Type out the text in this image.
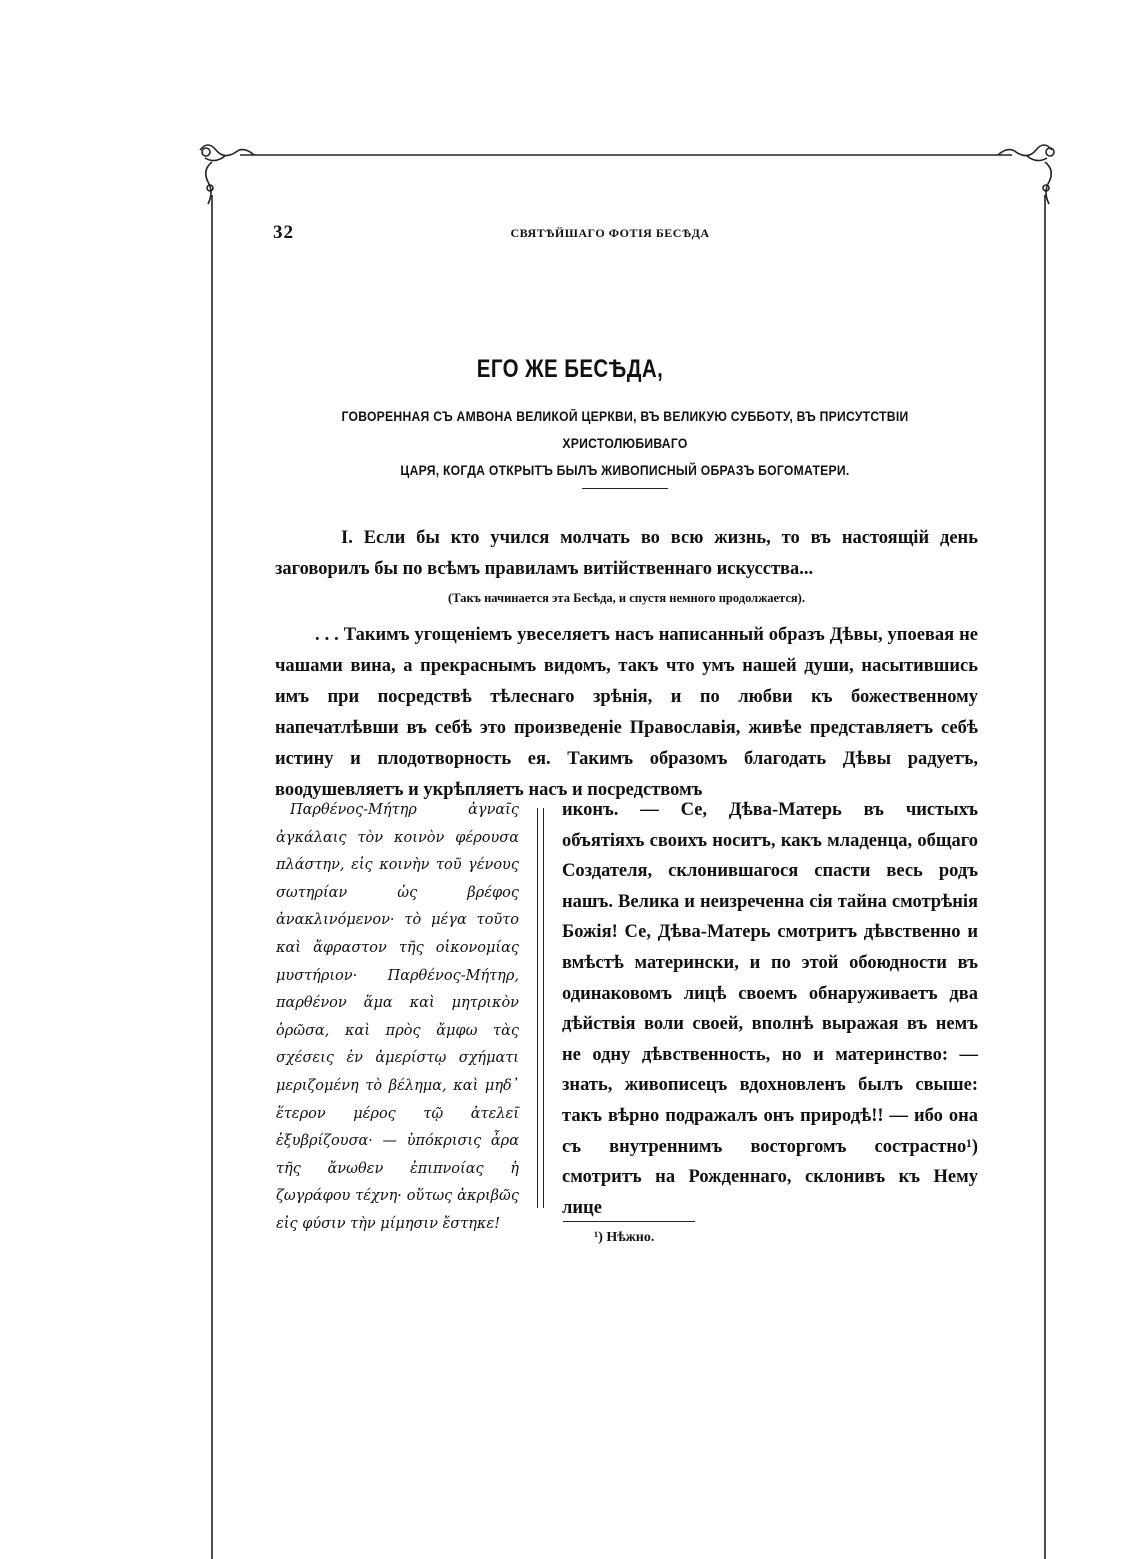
32	СВЯТѢЙШАГО ФОТІЯ БЕСѢДА
ЕГО ЖЕ БЕСѢДА,
ГОВОРЕННАЯ СЪ АМВОНА ВЕЛИКОЙ ЦЕРКВИ, ВЪ ВЕЛИКУЮ СУББОТУ, ВЪ ПРИСУТСТВІИ ХРИСТОЛЮБИВАГО
ЦАРЯ, КОГДА ОТКРЫТЪ БЫЛЪ ЖИВОПИСНЫЙ ОБРАЗЪ БОГОМАТЕРИ.
I. Если бы кто учился молчать во всю жизнь, то въ настоящій день заговорилъ бы по всѣмъ правиламъ витійственнаго искусства...
(Такъ начинается эта Бесѣда, и спустя немного продолжается).
. . . Такимъ угощеніемъ увеселяетъ насъ написанный образъ Дѣвы, упоевая не чашами вина, а прекраснымъ видомъ, такъ что умъ нашей души, насытившись имъ при посредствѣ тѣлеснаго зрѣнія, и по любви къ божественному напечатлѣвши въ себѣ это произведеніе Православія, живѣе представляетъ себѣ истину и плодотворность ея. Такимъ образомъ благодать Дѣвы радуетъ, воодушевляетъ и укрѣпляетъ насъ и посредствомъ

Παρθένος-Μήτηρ ἀγναῖς ἀγκάλαις τὸν κοινὸν φέρουσα πλάστην, εἰς κοινὴν τοῦ γένους σωτηρίαν ὡς βρέφος ἀνακλινόμενον· τὸ μέγα τοῦτο καὶ ἄφραστον τῆς οἰκονομίας μυστήριον· Παρθένος-Μήτηρ, παρθένον ἅμα καὶ μητρικὸν ὁρῶσα, καὶ πρὸς ἄμφω τὰς σχέσεις ἐν ἀμερίστῳ σχήματι μεριζομένη τὸ βέλημα, καὶ μηδ᾽ ἕτερον μέρος τῷ ἀτελεῖ ἐξυβρίζουσα· — ὑπόκρισις ἆρα τῆς ἄνωθεν ἐπιπνοίας ἡ ζωγράφου τέχνη· οὕτως ἀκριβῶς εἰς φύσιν τὴν μίμησιν ἔστηκε!

иконъ. — Се, Дѣва-Матерь въ чистыхъ объятіяхъ своихъ носитъ, какъ младенца, общаго Создателя, склонившагося спасти весь родъ нашъ. Велика и неизреченна сія тайна смотрѣнія Божія! Се, Дѣва-Матерь смотритъ дѣвственно и вмѣстѣ матерински, и по этой обоюдности въ одинаковомъ лицѣ своемъ обнаруживаетъ два дѣйствія воли своей, вполнѣ выражая въ немъ не одну дѣвственность, но и материнство: — знать, живописецъ вдохновленъ былъ свыше: такъ вѣрно подражалъ онъ природѣ!! — ибо она съ внутреннимъ восторгомъ сострастно¹) смотритъ на Рожденнаго, склонивъ къ Нему лице

¹) Нѣжно.
